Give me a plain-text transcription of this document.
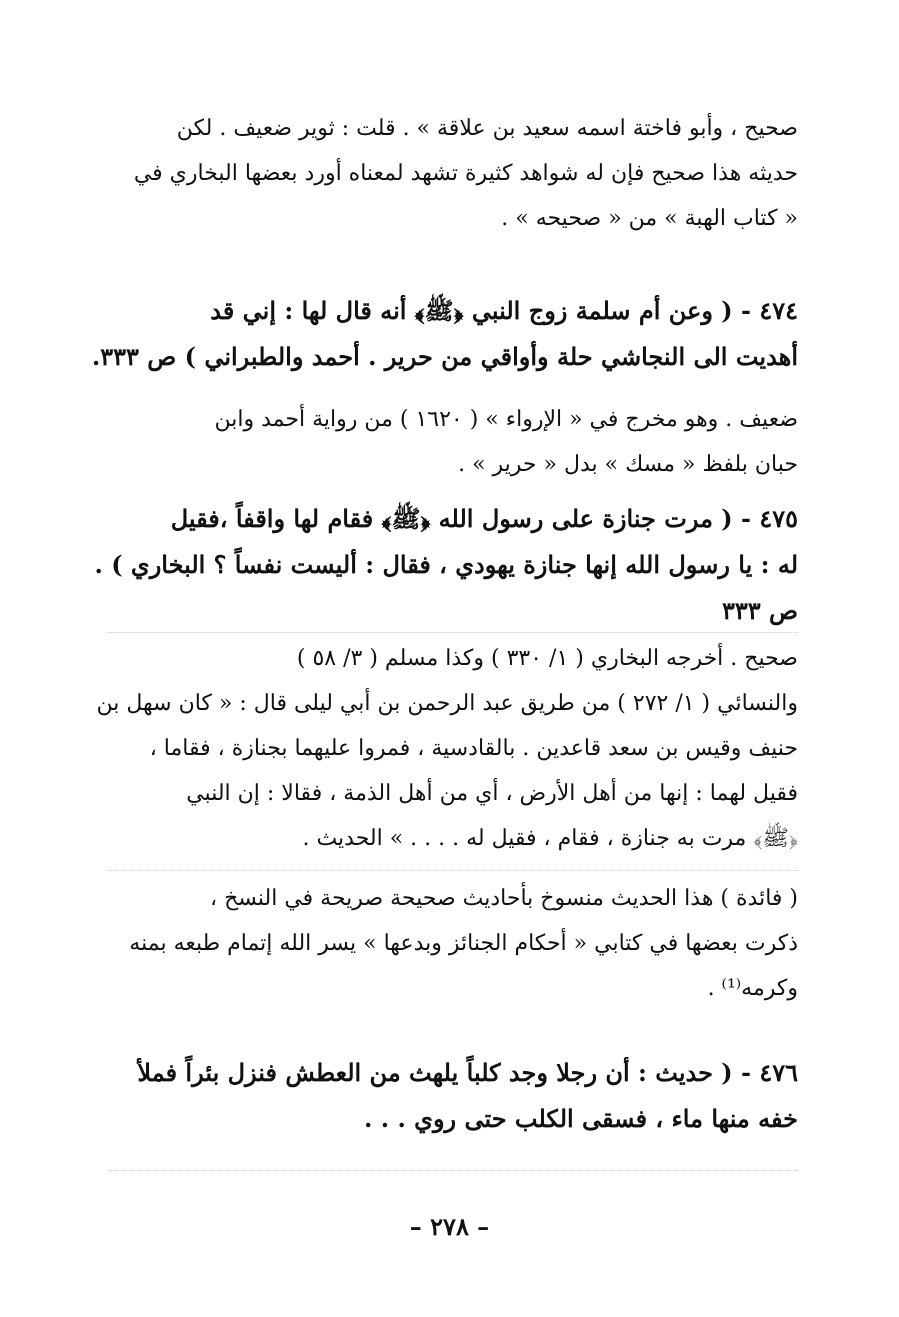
صحيح ، وأبو فاختة اسمه سعيد بن علاقة » . قلت : ثوير ضعيف . لكن
حديثه هذا صحيح فإن له شواهد كثيرة تشهد لمعناه أورد بعضها البخاري في
« كتاب الهبة » من « صحيحه » .
٤٧٤ - ( وعن أم سلمة زوج النبي ﴿ﷺ﴾ أنه قال لها : إني قد
أهديت الى النجاشي حلة وأواقي من حرير . أحمد والطبراني ) ص ٣٣٣.
ضعيف . وهو مخرج في « الإرواء » ( ١٦٢٠ ) من رواية أحمد وابن
حبان بلفظ « مسك » بدل « حرير » .
٤٧٥ - ( مرت جنازة على رسول الله ﴿ﷺ﴾ فقام لها واقفاً ،فقيل
له : يا رسول الله إنها جنازة يهودي ، فقال : أليست نفساً ؟ البخاري ) .
ص ٣٣٣
صحيح . أخرجه البخاري ( ١/ ٣٣٠ ) وكذا مسلم ( ٣/ ٥٨ )
والنسائي ( ١/ ٢٧٢ ) من طريق عبد الرحمن بن أبي ليلى قال : « كان سهل بن
حنيف وقيس بن سعد قاعدين . بالقادسية ، فمروا عليهما بجنازة ، فقاما ،
فقيل لهما : إنها من أهل الأرض ، أي من أهل الذمة ، فقالا : إن النبي
﴿ﷺ﴾ مرت به جنازة ، فقام ، فقيل له . . . . » الحديث .
( فائدة ) هذا الحديث منسوخ بأحاديث صحيحة صريحة في النسخ ،
ذكرت بعضها في كتابي « أحكام الجنائز وبدعها » يسر الله إتمام طبعه بمنه
وكرمه⁽¹⁾ .
٤٧٦ - ( حديث : أن رجلا وجد كلباً يلهث من العطش فنزل بئراً فملأ
خفه منها ماء ، فسقى الكلب حتى روي . . .
– ٢٧٨ –
